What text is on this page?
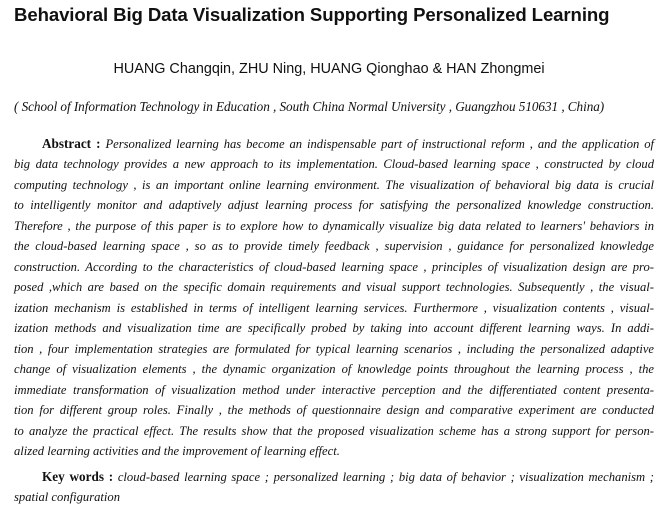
Behavioral Big Data Visualization Supporting Personalized Learning
HUANG Changqin, ZHU Ning, HUANG Qionghao & HAN Zhongmei
( School of Information Technology in Education , South China Normal University , Guangzhou 510631 , China)
Abstract : Personalized learning has become an indispensable part of instructional reform , and the application of
big data technology provides a new approach to its implementation. Cloud-based learning space , constructed by cloud
computing technology , is an important online learning environment. The visualization of behavioral big data is crucial
to intelligently monitor and adaptively adjust learning process for satisfying the personalized knowledge construction.
Therefore , the purpose of this paper is to explore how to dynamically visualize big data related to learners' behaviors in
the cloud-based learning space , so as to provide timely feedback , supervision , guidance for personalized knowledge
construction. According to the characteristics of cloud-based learning space , principles of visualization design are pro-
posed ,which are based on the specific domain requirements and visual support technologies. Subsequently , the visual-
ization mechanism is established in terms of intelligent learning services. Furthermore , visualization contents , visual-
ization methods and visualization time are specifically probed by taking into account different learning ways. In addi-
tion , four implementation strategies are formulated for typical learning scenarios , including the personalized adaptive
change of visualization elements , the dynamic organization of knowledge points throughout the learning process , the
immediate transformation of visualization method under interactive perception and the differentiated content presenta-
tion for different group roles. Finally , the methods of questionnaire design and comparative experiment are conducted
to analyze the practical effect. The results show that the proposed visualization scheme has a strong support for person-
alized learning activities and the improvement of learning effect.
Key words : cloud-based learning space ; personalized learning ; big data of behavior ; visualization mechanism ;
spatial configuration
